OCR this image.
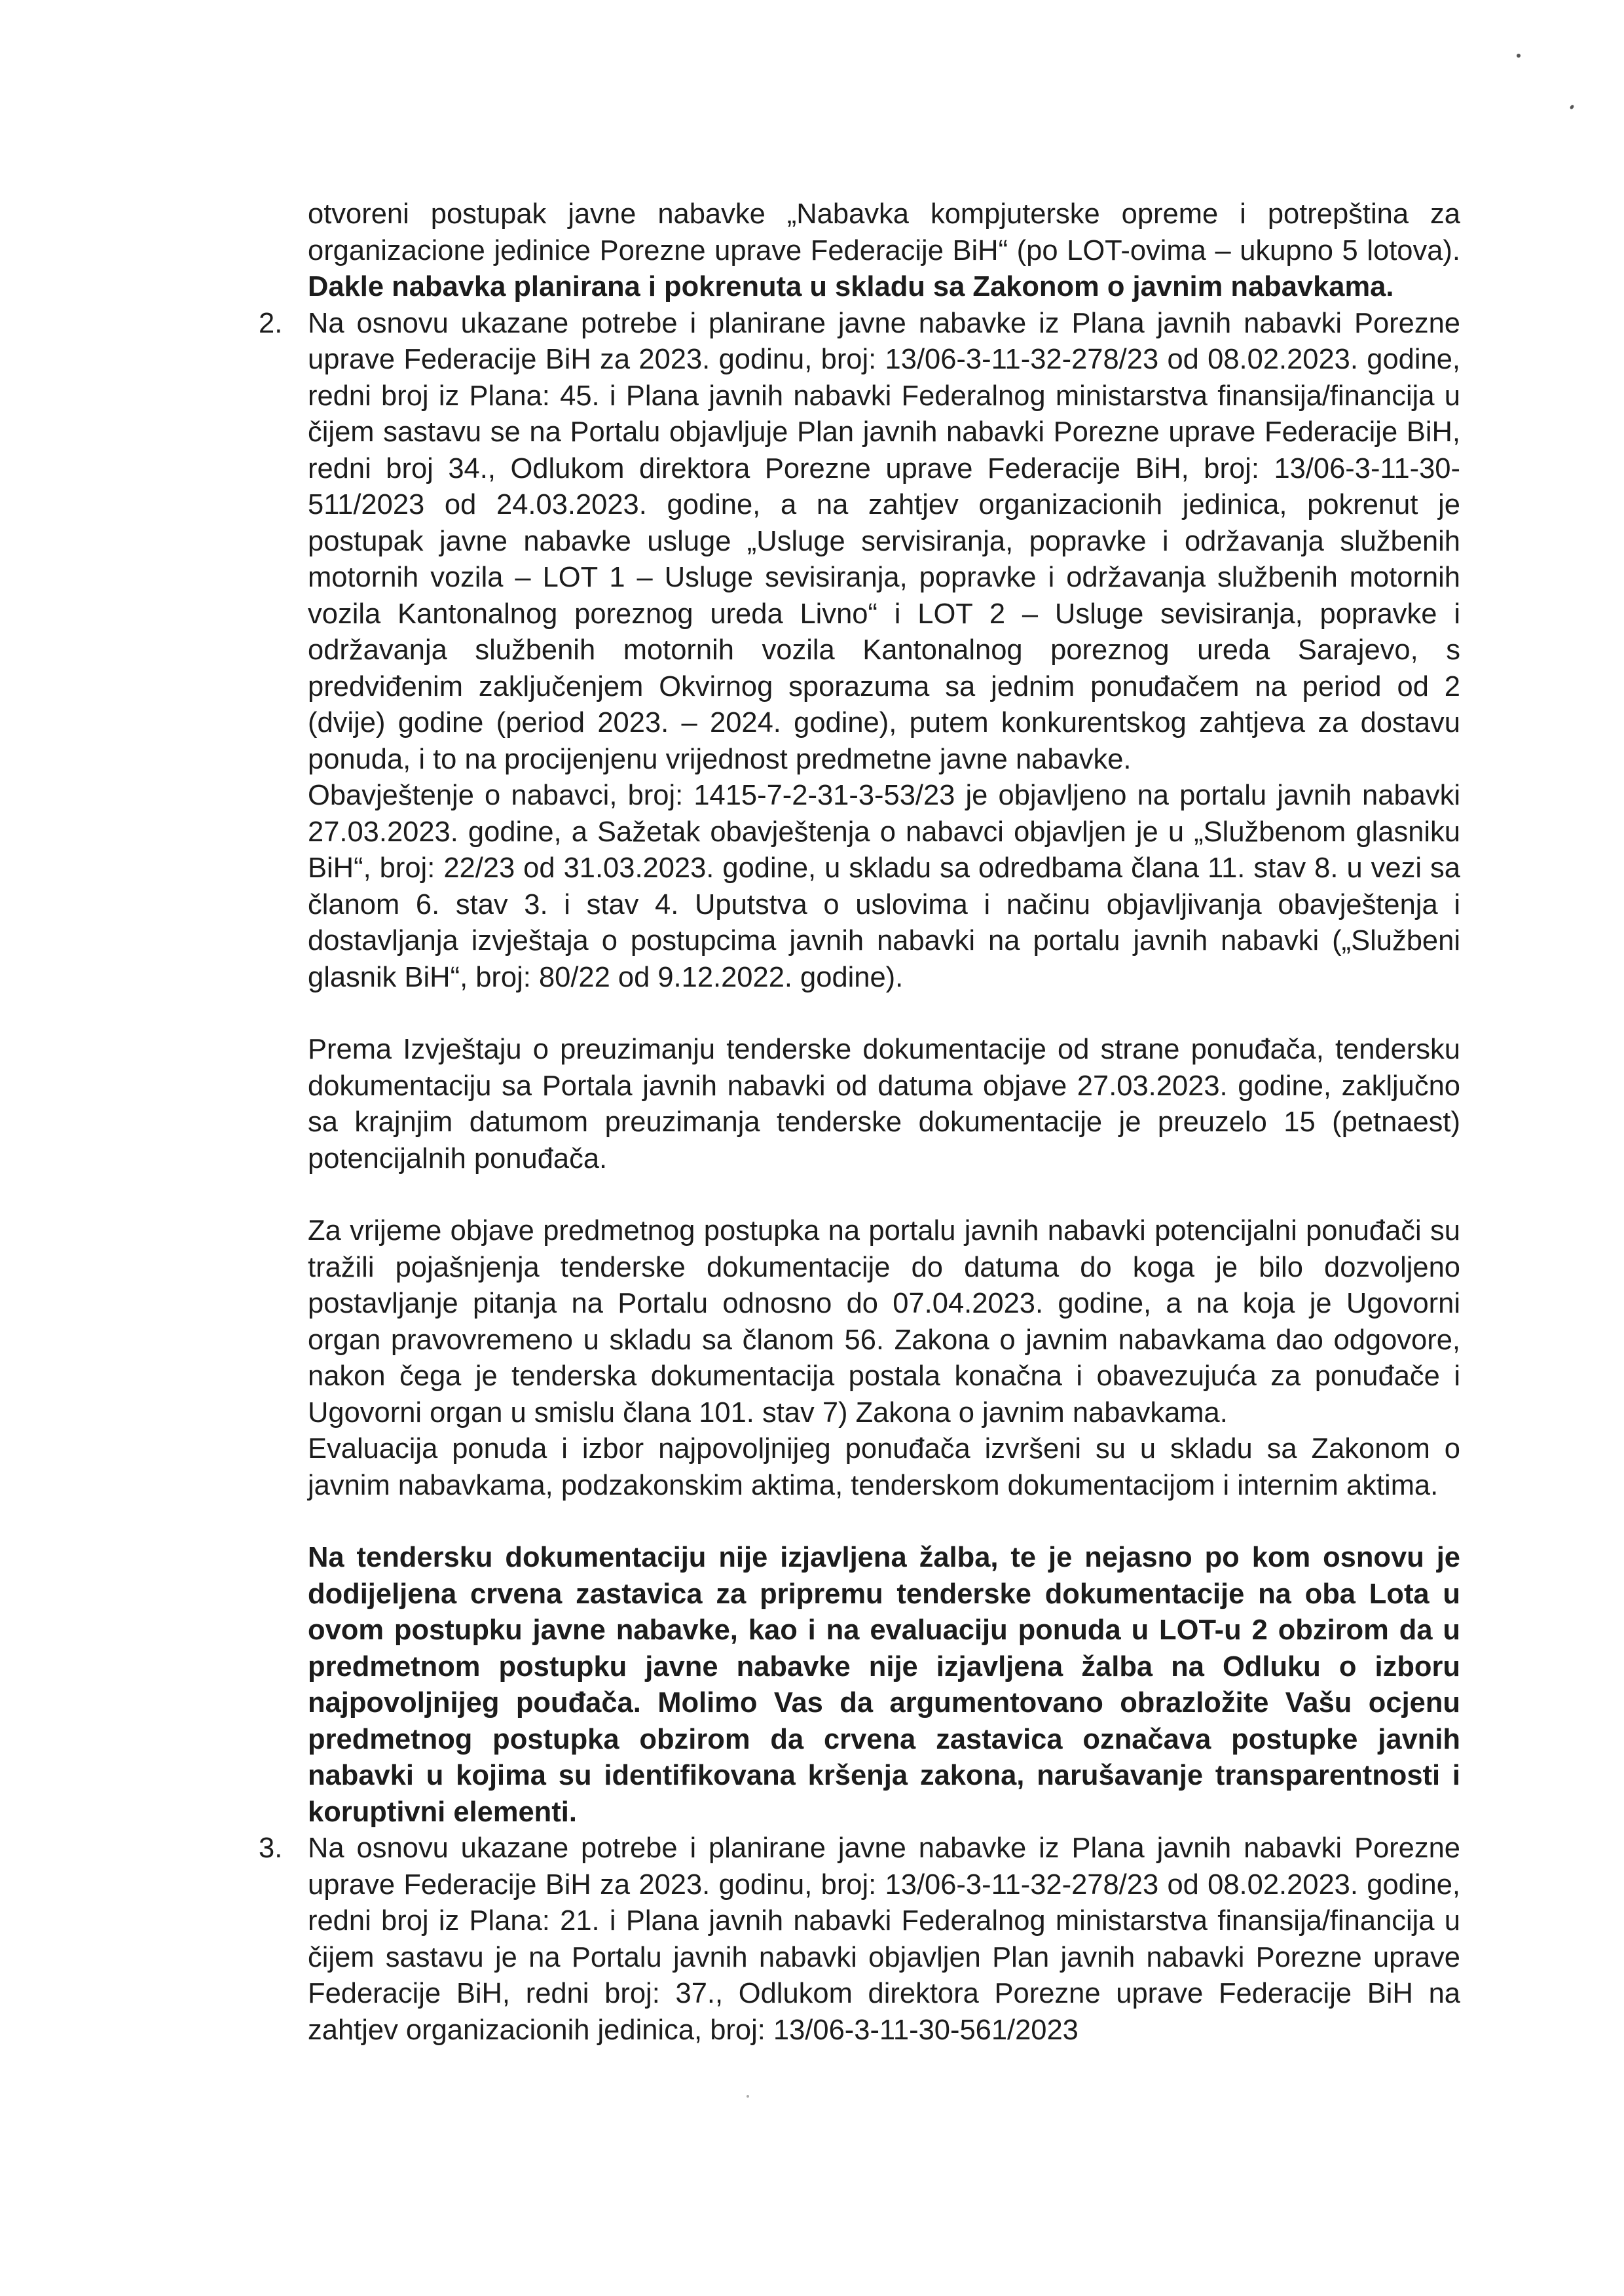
otvoreni postupak javne nabavke „Nabavka kompjuterske opreme i potrepština za organizacione jedinice Porezne uprave Federacije BiH“ (po LOT-ovima – ukupno 5 lotova). Dakle nabavka planirana i pokrenuta u skladu sa Zakonom o javnim nabavkama.

2. Na osnovu ukazane potrebe i planirane javne nabavke iz Plana javnih nabavki Porezne uprave Federacije BiH za 2023. godinu, broj: 13/06-3-11-32-278/23 od 08.02.2023. godine, redni broj iz Plana: 45. i Plana javnih nabavki Federalnog ministarstva finansija/financija u čijem sastavu se na Portalu objavljuje Plan javnih nabavki Porezne uprave Federacije BiH, redni broj 34., Odlukom direktora Porezne uprave Federacije BiH, broj: 13/06-3-11-30-511/2023 od 24.03.2023. godine, a na zahtjev organizacionih jedinica, pokrenut je postupak javne nabavke usluge „Usluge servisiranja, popravke i održavanja službenih motornih vozila – LOT 1 – Usluge sevisiranja, popravke i održavanja službenih motornih vozila Kantonalnog poreznog ureda Livno“ i LOT 2 – Usluge sevisiranja, popravke i održavanja službenih motornih vozila Kantonalnog poreznog ureda Sarajevo, s predviđenim zaključenjem Okvirnog sporazuma sa jednim ponuđačem na period od 2 (dvije) godine (period 2023. – 2024. godine), putem konkurentskog zahtjeva za dostavu ponuda, i to na procijenjenu vrijednost predmetne javne nabavke.

Obavještenje o nabavci, broj: 1415-7-2-31-3-53/23 je objavljeno na portalu javnih nabavki 27.03.2023. godine, a Sažetak obavještenja o nabavci objavljen je u „Službenom glasniku BiH“, broj: 22/23 od 31.03.2023. godine, u skladu sa odredbama člana 11. stav 8. u vezi sa članom 6. stav 3. i stav 4. Uputstva o uslovima i načinu objavljivanja obavještenja i dostavljanja izvještaja o postupcima javnih nabavki na portalu javnih nabavki („Službeni glasnik BiH“, broj: 80/22 od 9.12.2022. godine).

Prema Izvještaju o preuzimanju tenderske dokumentacije od strane ponuđača, tendersku dokumentaciju sa Portala javnih nabavki od datuma objave 27.03.2023. godine, zaključno sa krajnjim datumom preuzimanja tenderske dokumentacije je preuzelo 15 (petnaest) potencijalnih ponuđača.

Za vrijeme objave predmetnog postupka na portalu javnih nabavki potencijalni ponuđači su tražili pojašnjenja tenderske dokumentacije do datuma do koga je bilo dozvoljeno postavljanje pitanja na Portalu odnosno do 07.04.2023. godine, a na koja je Ugovorni organ pravovremeno u skladu sa članom 56. Zakona o javnim nabavkama dao odgovore, nakon čega je tenderska dokumentacija postala konačna i obavezujuća za ponuđače i Ugovorni organ u smislu člana 101. stav 7) Zakona o javnim nabavkama.

Evaluacija ponuda i izbor najpovoljnijeg ponuđača izvršeni su u skladu sa Zakonom o javnim nabavkama, podzakonskim aktima, tenderskom dokumentacijom i internim aktima.

Na tendersku dokumentaciju nije izjavljena žalba, te je nejasno po kom osnovu je dodijeljena crvena zastavica za pripremu tenderske dokumentacije na oba Lota u ovom postupku javne nabavke, kao i na evaluaciju ponuda u LOT-u 2 obzirom da u predmetnom postupku javne nabavke nije izjavljena žalba na Odluku o izboru najpovoljnijeg pouđača. Molimo Vas da argumentovano obrazložite Vašu ocjenu predmetnog postupka obzirom da crvena zastavica označava postupke javnih nabavki u kojima su identifikovana kršenja zakona, narušavanje transparentnosti i koruptivni elementi.

3. Na osnovu ukazane potrebe i planirane javne nabavke iz Plana javnih nabavki Porezne uprave Federacije BiH za 2023. godinu, broj: 13/06-3-11-32-278/23 od 08.02.2023. godine, redni broj iz Plana: 21. i Plana javnih nabavki Federalnog ministarstva finansija/financija u čijem sastavu je na Portalu javnih nabavki objavljen Plan javnih nabavki Porezne uprave Federacije BiH, redni broj: 37., Odlukom direktora Porezne uprave Federacije BiH na zahtjev organizacionih jedinica, broj: 13/06-3-11-30-561/2023
